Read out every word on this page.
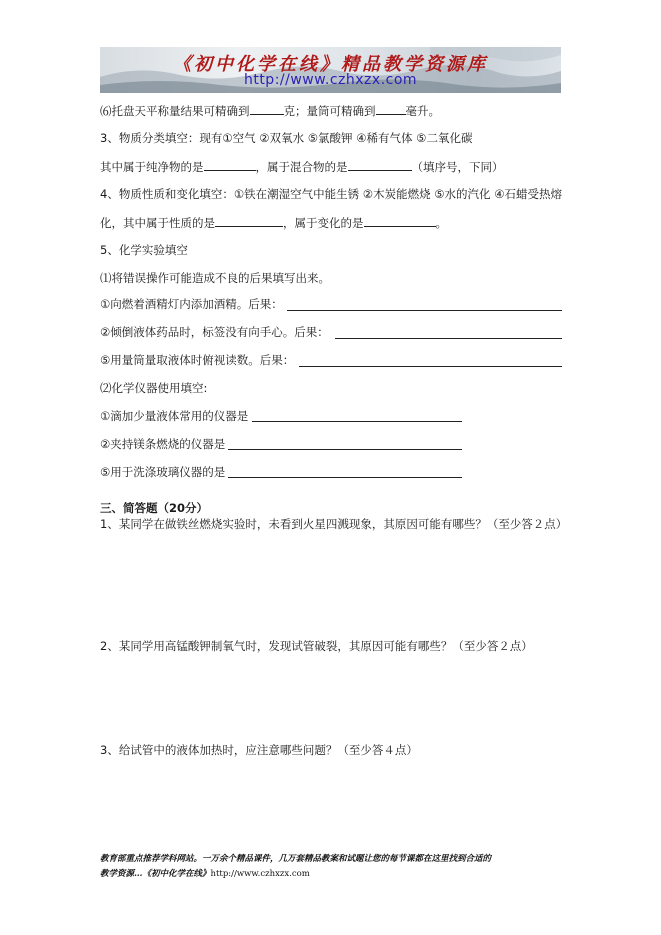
《初中化学在线》精品教学资源库
http://www.czhxzx.com
⑹托盘天平称量结果可精确到	克；量筒可精确到	毫升。
3、物质分类填空：现有①空气 ②双氧水 ⑤氯酸钾 ④稀有气体 ⑤二氧化碳
其中属于纯净物的是	，属于混合物的是	（填序号，下同）
4、物质性质和变化填空：①铁在潮湿空气中能生锈 ②木炭能燃烧 ⑤水的汽化 ④石蜡受热熔
化，其中属于性质的是	，属于变化的是	。
5、化学实验填空
⑴将错误操作可能造成不良的后果填写出来。
①向燃着酒精灯内添加酒精。后果：
②倾倒液体药品时，标签没有向手心。后果：
⑤用量筒量取液体时俯视读数。后果：
⑵化学仪器使用填空:
①滴加少量液体常用的仪器是
②夹持镁条燃烧的仪器是
⑤用于洗涤玻璃仪器的是
三、简答题（20分）
1、某同学在做铁丝燃烧实验时，未看到火星四溅现象，其原因可能有哪些？（至少答２点）
2、某同学用高锰酸钾制氧气时，发现试管破裂，其原因可能有哪些？（至少答２点）
3、给试管中的液体加热时，应注意哪些问题？（至少答４点）
教育部重点推荐学科网站。一万余个精品课件，几万套精品教案和试题让您的每节课都在这里找到合适的
教学资源…《初中化学在线》http://www.czhxzx.com
